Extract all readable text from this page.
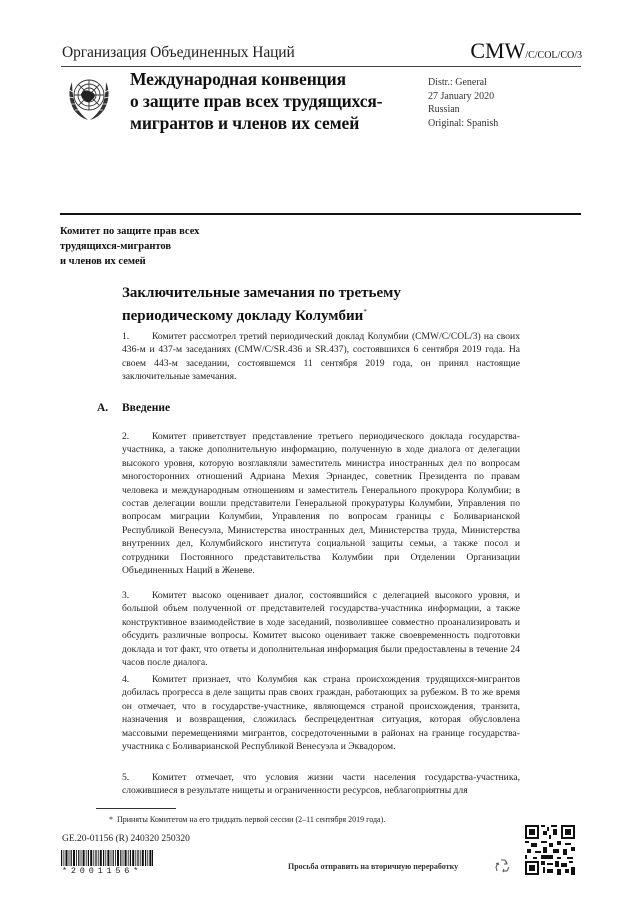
Организация Объединенных Наций	CMW/C/COL/CO/3
Международная конвенция
о защите прав всех трудящихся-
мигрантов и членов их семей
Distr.: General
27 January 2020
Russian
Original: Spanish
Комитет по защите прав всех
трудящихся-мигрантов
и членов их семей
Заключительные замечания по третьему
периодическому докладу Колумбии*
1. Комитет рассмотрел третий периодический доклад Колумбии (CMW/C/COL/3) на своих 436-м и 437-м заседаниях (CMW/C/SR.436 и SR.437), состоявшихся 6 сентября 2019 года. На своем 443-м заседании, состоявшемся 11 сентября 2019 года, он принял настоящие заключительные замечания.
A. Введение
2. Комитет приветствует представление третьего периодического доклада государства-участника, а также дополнительную информацию, полученную в ходе диалога от делегации высокого уровня, которую возглавляли заместитель министра иностранных дел по вопросам многосторонних отношений Адриана Мехия Эрнандес, советник Президента по правам человека и международным отношениям и заместитель Генерального прокурора Колумбии; в состав делегации вошли представители Генеральной прокуратуры Колумбии, Управления по вопросам миграции Колумбии, Управления по вопросам границы с Боливарианской Республикой Венесуэла, Министерства иностранных дел, Министерства труда, Министерства внутренних дел, Колумбийского института социальной защиты семьи, а также посол и сотрудники Постоянного представительства Колумбии при Отделении Организации Объединенных Наций в Женеве.
3. Комитет высоко оценивает диалог, состоявшийся с делегацией высокого уровня, и большой объем полученной от представителей государства-участника информации, а также конструктивное взаимодействие в ходе заседаний, позволившее совместно проанализировать и обсудить различные вопросы. Комитет высоко оценивает также своевременность подготовки доклада и тот факт, что ответы и дополнительная информация были предоставлены в течение 24 часов после диалога.
4. Комитет признает, что Колумбия как страна происхождения трудящихся-мигрантов добилась прогресса в деле защиты прав своих граждан, работающих за рубежом. В то же время он отмечает, что в государстве-участнике, являющемся страной происхождения, транзита, назначения и возвращения, сложилась беспрецедентная ситуация, которая обусловлена массовыми перемещениями мигрантов, сосредоточенными в районах на границе государства-участника с Боливарианской Республикой Венесуэла и Эквадором.
5. Комитет отмечает, что условия жизни части населения государства-участника, сложившиеся в результате нищеты и ограниченности ресурсов, неблагоприятны для
* Приняты Комитетом на его тридцать первой сессии (2–11 сентября 2019 года).
GE.20-01156 (R) 240320 250320
*2001156*	Просьба отправить на вторичную переработку
